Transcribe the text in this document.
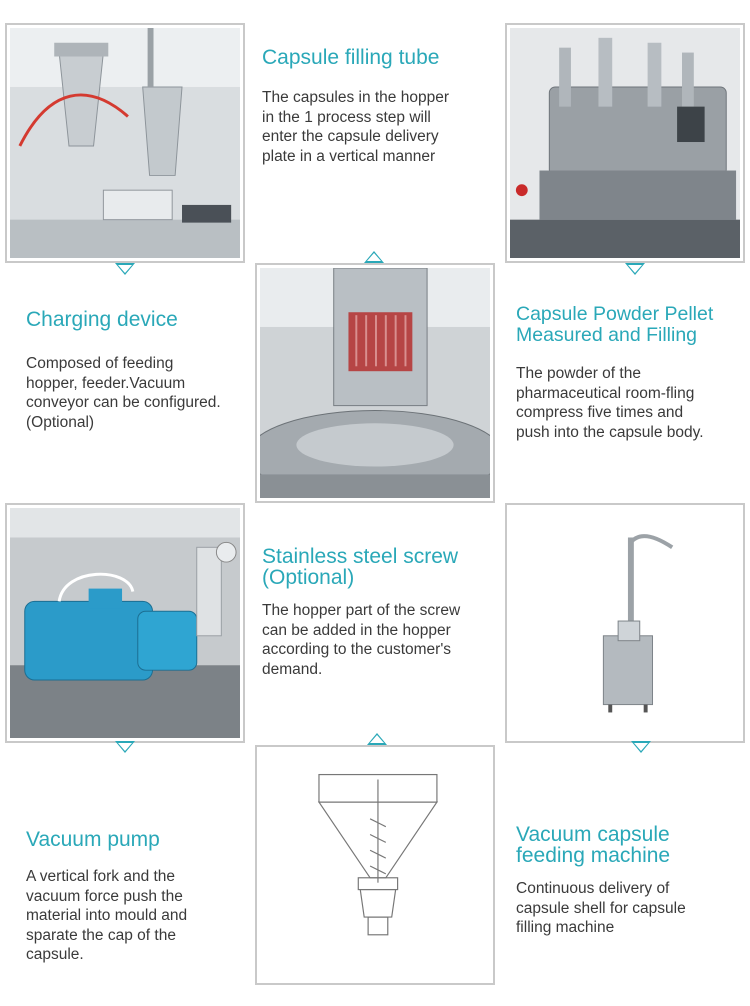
Capsule filling tube

The capsules in the hopper
in the 1 process step will
enter the capsule delivery
plate in a vertical manner

Charging device

Composed of feeding
hopper, feeder.Vacuum
conveyor can be configured.
(Optional)

Capsule Powder Pellet
Measured and Filling

The powder of the
pharmaceutical room-fling
compress five times and
push into the capsule body.

Stainless steel screw
(Optional)

The hopper part of the screw
can be added in the hopper
according to the customer's
demand.

Vacuum pump

A vertical fork and the
vacuum force push the
material into mould and
sparate the cap of the
capsule.

Vacuum capsule
feeding machine

Continuous delivery of
capsule shell for capsule
filling machine
